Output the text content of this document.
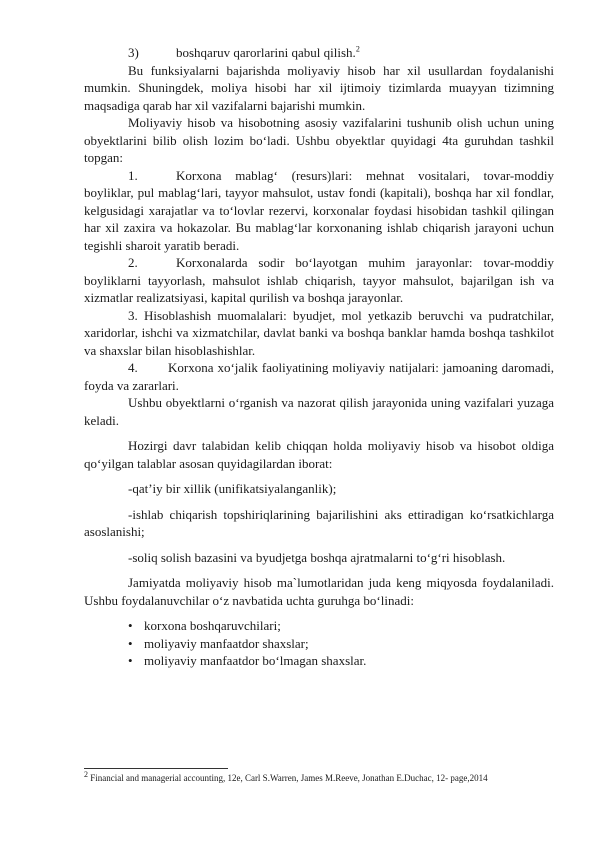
3)	boshqaruv qarorlarini qabul qilish.$^2$

Bu funksiyalarni bajarishda moliyaviy hisob har xil usullardan foydalanishi mumkin. Shuningdek, moliya hisobi har xil ijtimoiy tizimlarda muayyan tizimning maqsadiga qarab har xil vazifalarni bajarishi mumkin.

Moliyaviy hisob va hisobotning asosiy vazifalarini tushunib olish uchun uning obyektlarini bilib olish lozim bo‘ladi. Ushbu obyektlar quyidagi 4ta guruhdan tashkil topgan:

1.	Korxona mablag‘ (resurs)lari: mehnat vositalari, tovar-moddiy boyliklar, pul mablag‘lari, tayyor mahsulot, ustav fondi (kapitali), boshqa har xil fondlar, kelgusidagi xarajatlar va to‘lovlar rezervi, korxonalar foydasi hisobidan tashkil qilingan har xil zaxira va hokazolar. Bu mablag‘lar korxonaning ishlab chiqarish jarayoni uchun tegishli sharoit yaratib beradi.

2.	Korxonalarda sodir bo‘layotgan muhim jarayonlar: tovar-moddiy boyliklarni tayyorlash, mahsulot ishlab chiqarish, tayyor mahsulot, bajarilgan ish va xizmatlar realizatsiyasi, kapital qurilish va boshqa jarayonlar.

3. Hisoblashish muomalalari: byudjet, mol yetkazib beruvchi va pudratchilar, xaridorlar, ishchi va xizmatchilar, davlat banki va boshqa banklar hamda boshqa tashkilot va shaxslar bilan hisoblashishlar.

4. Korxona xo‘jalik faoliyatining moliyaviy natijalari: jamoaning daromadi, foyda va zararlari.

Ushbu obyektlarni o‘rganish va nazorat qilish jarayonida uning vazifalari yuzaga keladi.

Hozirgi davr talabidan kelib chiqqan holda moliyaviy hisob va hisobot oldiga qo‘yilgan talablar asosan quyidagilardan iborat:

-qat’iy bir xillik (unifikatsiyalanganlik);

-ishlab chiqarish topshiriqlarining bajarilishini aks ettiradigan ko‘rsatkichlarga asoslanishi;

-soliq solish bazasini va byudjetga boshqa ajratmalarni to‘g‘ri hisoblash.

Jamiyatda moliyaviy hisob ma`lumotlaridan juda keng miqyosda foydalaniladi. Ushbu foydalanuvchilar o‘z navbatida uchta guruhga bo‘linadi:

• korxona boshqaruvchilari;
• moliyaviy manfaatdor shaxslar;
• moliyaviy manfaatdor bo‘lmagan shaxslar.
$^2$ Financial and managerial accounting, 12e, Carl S.Warren, James M.Reeve, Jonathan E.Duchac, 12- page,2014
